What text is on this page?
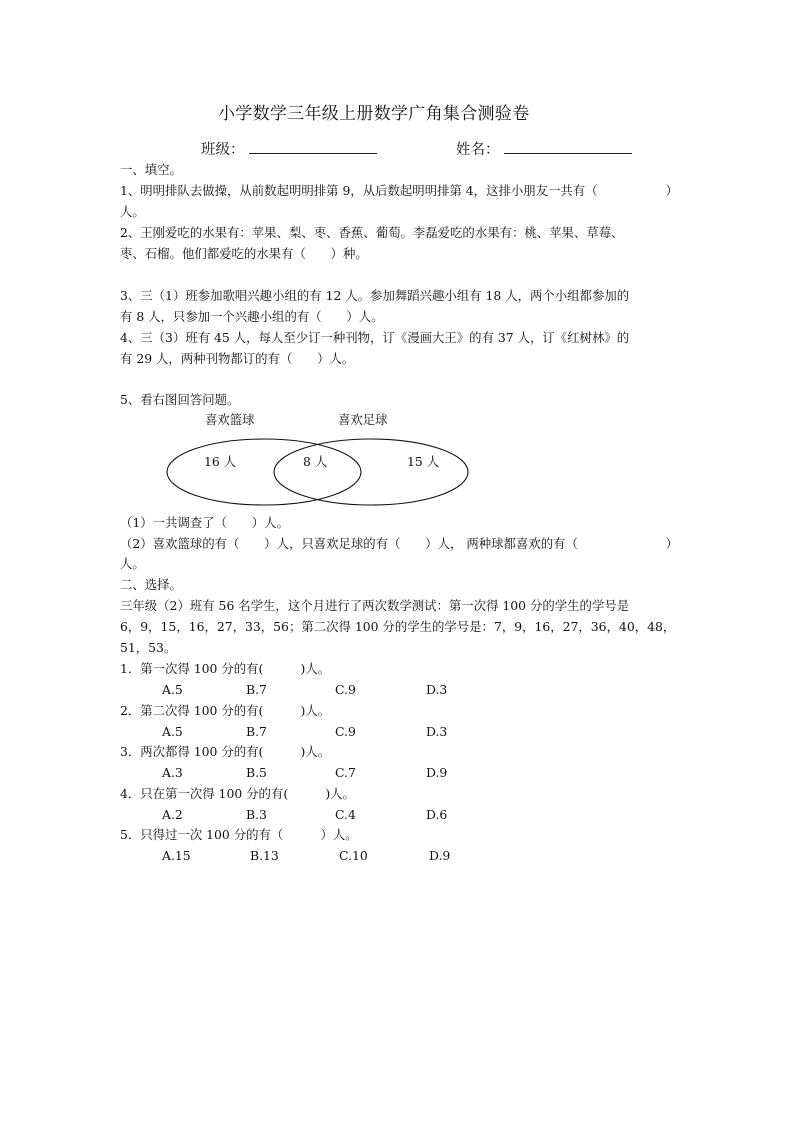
小学数学三年级上册数学广角集合测验卷
班级：	姓名：
一、填空。
1、明明排队去做操，从前数起明明排第 9，从后数起明明排第 4，这排小朋友一共有（	）
人。
2、王刚爱吃的水果有：苹果、梨、枣、香蕉、葡萄。李磊爱吃的水果有：桃、苹果、草莓、
枣、石榴。他们都爱吃的水果有（　　）种。
3、三（1）班参加歌唱兴趣小组的有 12 人。参加舞蹈兴趣小组有 18 人，两个小组都参加的
有 8 人，只参加一个兴趣小组的有（　　）人。
4、三（3）班有 45 人，每人至少订一种刊物，订《漫画大王》的有 37 人，订《红树林》的
有 29 人，两种刊物都订的有（　　）人。
5、看右图回答问题。
喜欢篮球	喜欢足球
16 人	8 人	15 人
（1）一共调查了（　　）人。
（2）喜欢篮球的有（　　）人，只喜欢足球的有（　　）人， 两种球都喜欢的有（	）
人。
二、选择。
三年级（2）班有 56 名学生，这个月进行了两次数学测试：第一次得 100 分的学生的学号是
6，9，15，16，27，33，56；第二次得 100 分的学生的学号是：7，9，16，27，36，40，48，
51，53。
1．第一次得 100 分的有(　　　)人。
A.5	B.7	C.9	D.3
2．第二次得 100 分的有(　　　)人。
A.5	B.7	C.9	D.3
3．两次都得 100 分的有(　　　)人。
A.3	B.5	C.7	D.9
4．只在第一次得 100 分的有(　　　)人。
A.2	B.3	C.4	D.6
5．只得过一次 100 分的有（　　　）人。
A.15	B.13	C.10	D.9
